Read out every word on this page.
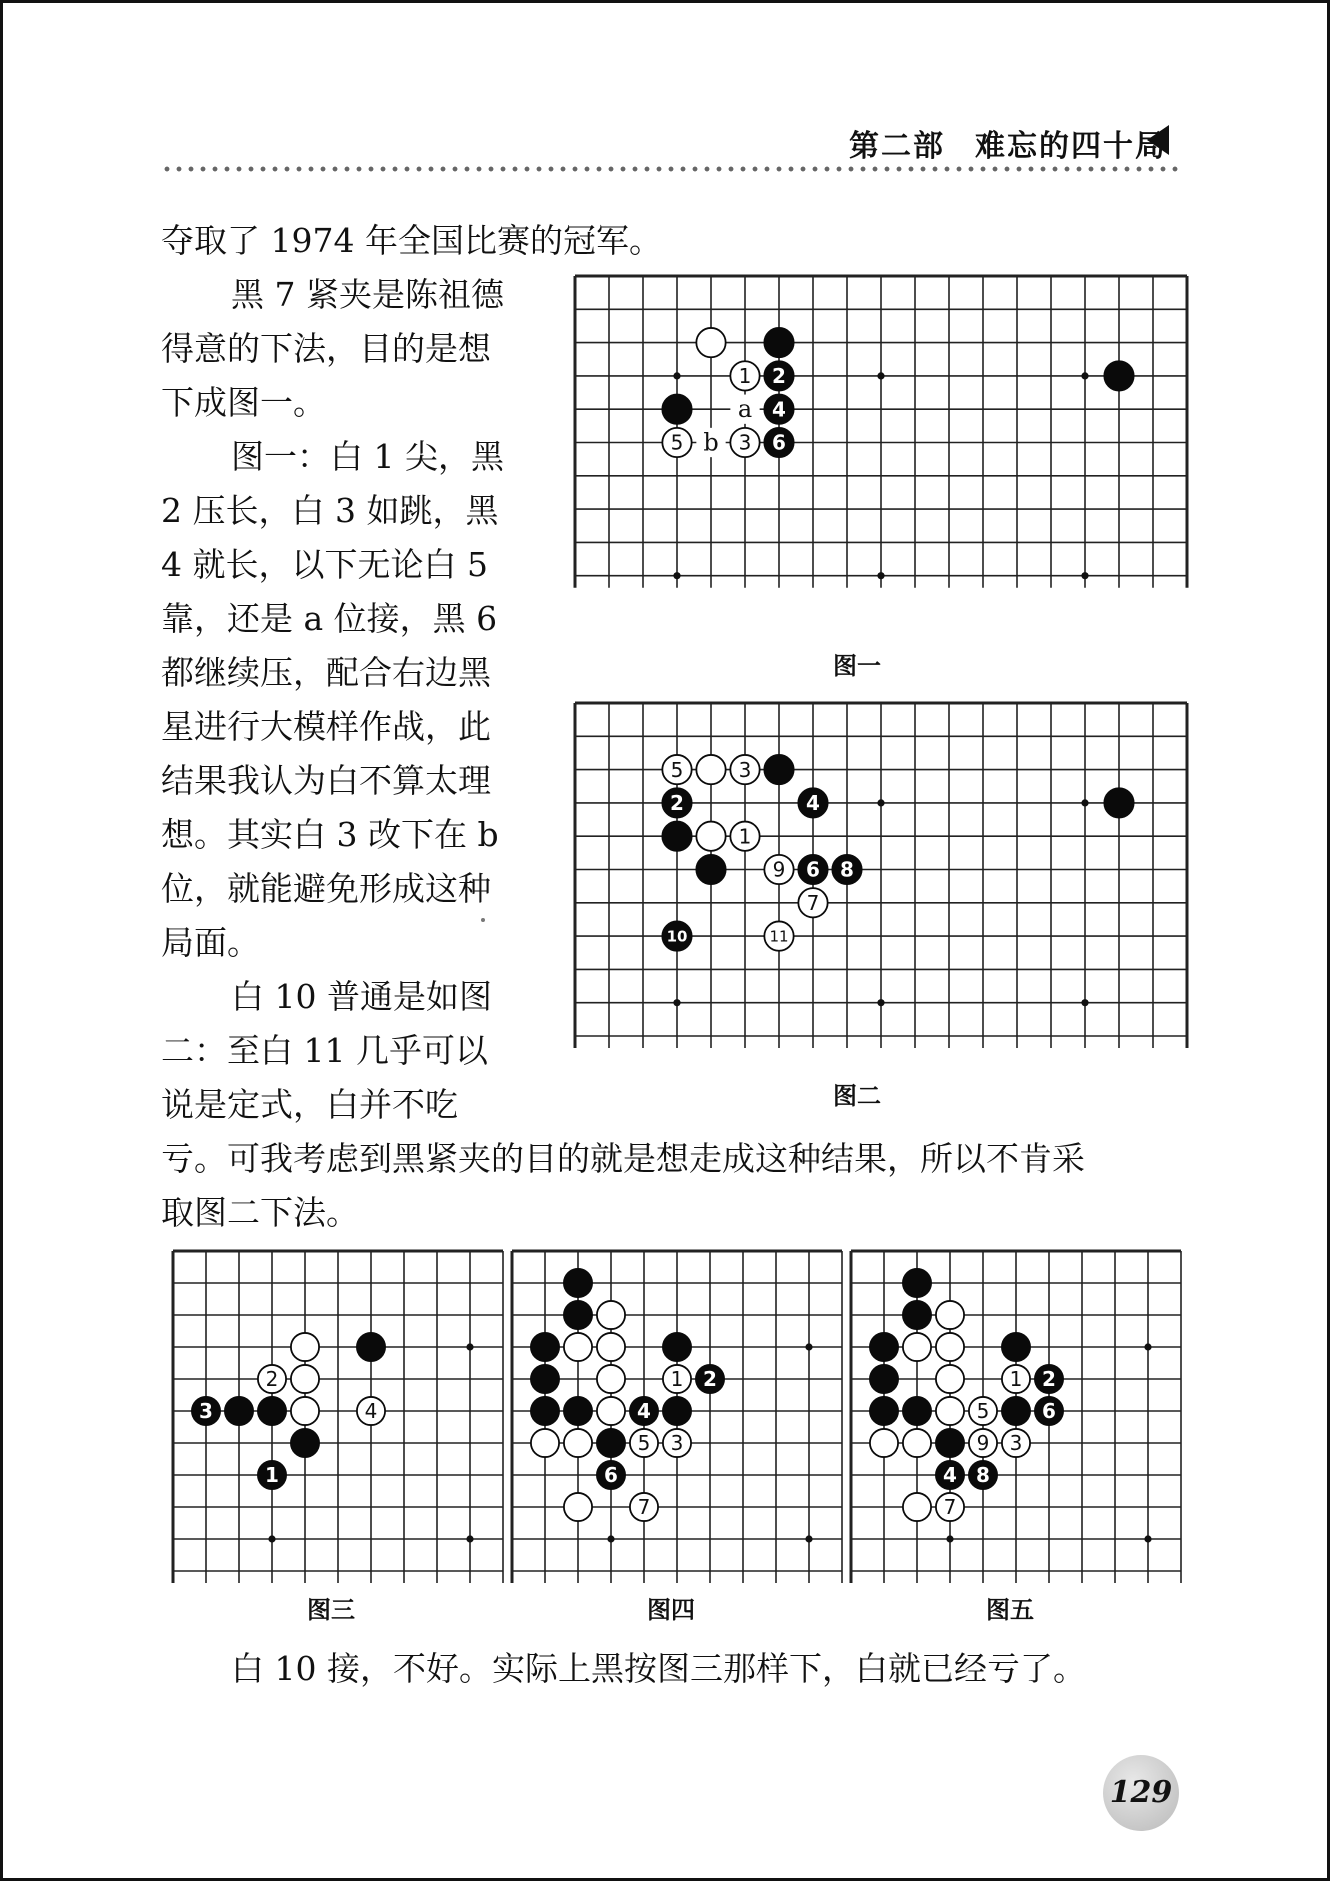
第二部 难忘的四十局
夺取了 1974 年全国比赛的冠军。
黑 7 紧夹是陈祖德
得意的下法，目的是想
下成图一。
图一：白 1 尖，黑
2 压长，白 3 如跳，黑
4 就长，以下无论白 5
靠，还是 a 位接，黑 6
都继续压，配合右边黑
星进行大模样作战，此
结果我认为白不算太理
想。其实白 3 改下在 b
位，就能避免形成这种
局面。
白 10 普通是如图
二：至白 11 几乎可以
说是定式，白并不吃
亏。可我考虑到黑紧夹的目的就是想走成这种结果，所以不肯采
取图二下法。
a
b
1 2
4
5	3 6
图一
5	3
2	4
1
9 6 8
7
10	11
图二
2
3	4
1
图三
1 2
4
5 3
6
7
图四
1 2
5	6
9 3
4 8
7
图五
白 10 接，不好。实际上黑按图三那样下，白就已经亏了。
129
